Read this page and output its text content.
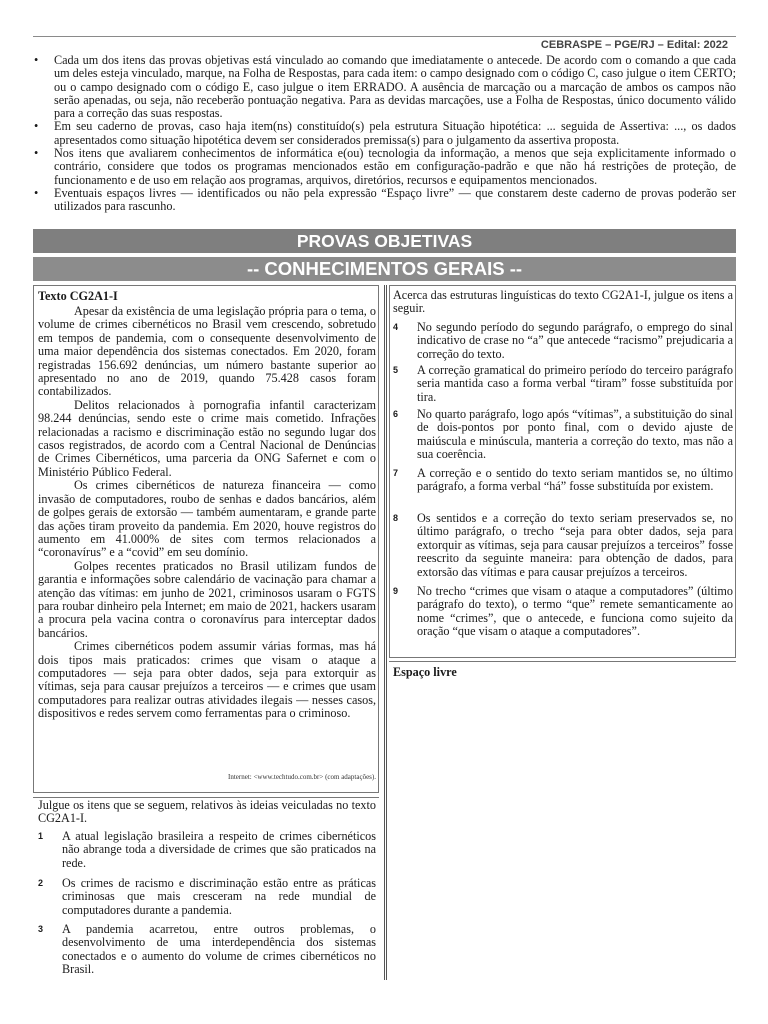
CEBRASPE – PGE/RJ – Edital: 2022
• Cada um dos itens das provas objetivas está vinculado ao comando que imediatamente o antecede. De acordo com o comando a que cada um deles esteja vinculado, marque, na Folha de Respostas, para cada item: o campo designado com o código C, caso julgue o item CERTO; ou o campo designado com o código E, caso julgue o item ERRADO. A ausência de marcação ou a marcação de ambos os campos não serão apenadas, ou seja, não receberão pontuação negativa. Para as devidas marcações, use a Folha de Respostas, único documento válido para a correção das suas respostas.
• Em seu caderno de provas, caso haja item(ns) constituído(s) pela estrutura Situação hipotética: ... seguida de Assertiva: ..., os dados apresentados como situação hipotética devem ser considerados premissa(s) para o julgamento da assertiva proposta.
• Nos itens que avaliarem conhecimentos de informática e(ou) tecnologia da informação, a menos que seja explicitamente informado o contrário, considere que todos os programas mencionados estão em configuração-padrão e que não há restrições de proteção, de funcionamento e de uso em relação aos programas, arquivos, diretórios, recursos e equipamentos mencionados.
• Eventuais espaços livres — identificados ou não pela expressão “Espaço livre” — que constarem deste caderno de provas poderão ser utilizados para rascunho.
PROVAS OBJETIVAS
-- CONHECIMENTOS GERAIS --
Texto CG2A1-I

Apesar da existência de uma legislação própria para o tema, o volume de crimes cibernéticos no Brasil vem crescendo, sobretudo em tempos de pandemia, com o consequente desenvolvimento de uma maior dependência dos sistemas conectados. Em 2020, foram registradas 156.692 denúncias, um número bastante superior ao apresentado no ano de 2019, quando 75.428 casos foram contabilizados.

Delitos relacionados à pornografia infantil caracterizam 98.244 denúncias, sendo este o crime mais cometido. Infrações relacionadas a racismo e discriminação estão no segundo lugar dos casos registrados, de acordo com a Central Nacional de Denúncias de Crimes Cibernéticos, uma parceria da ONG Safernet e com o Ministério Público Federal.

Os crimes cibernéticos de natureza financeira — como invasão de computadores, roubo de senhas e dados bancários, além de golpes gerais de extorsão — também aumentaram, e grande parte das ações tiram proveito da pandemia. Em 2020, houve registros do aumento em 41.000% de sites com termos relacionados a “coronavírus” e a “covid” em seu domínio.

Golpes recentes praticados no Brasil utilizam fundos de garantia e informações sobre calendário de vacinação para chamar a atenção das vítimas: em junho de 2021, criminosos usaram o FGTS para roubar dinheiro pela Internet; em maio de 2021, hackers usaram a procura pela vacina contra o coronavírus para interceptar dados bancários.

Crimes cibernéticos podem assumir várias formas, mas há dois tipos mais praticados: crimes que visam o ataque a computadores — seja para obter dados, seja para extorquir as vítimas, seja para causar prejuízos a terceiros — e crimes que usam computadores para realizar outras atividades ilegais — nesses casos, dispositivos e redes servem como ferramentas para o criminoso.

Internet: <www.techtudo.com.br> (com adaptações).
Julgue os itens que se seguem, relativos às ideias veiculadas no texto CG2A1-I.
1	A atual legislação brasileira a respeito de crimes cibernéticos não abrange toda a diversidade de crimes que são praticados na rede.
2	Os crimes de racismo e discriminação estão entre as práticas criminosas que mais cresceram na rede mundial de computadores durante a pandemia.
3	A pandemia acarretou, entre outros problemas, o desenvolvimento de uma interdependência dos sistemas conectados e o aumento do volume de crimes cibernéticos no Brasil.
Acerca das estruturas linguísticas do texto CG2A1-I, julgue os itens a seguir.
4	No segundo período do segundo parágrafo, o emprego do sinal indicativo de crase no “a” que antecede “racismo” prejudicaria a correção do texto.
5	A correção gramatical do primeiro período do terceiro parágrafo seria mantida caso a forma verbal “tiram” fosse substituída por tira.
6	No quarto parágrafo, logo após “vítimas”, a substituição do sinal de dois-pontos por ponto final, com o devido ajuste de maiúscula e minúscula, manteria a correção do texto, mas não a sua coerência.
7	A correção e o sentido do texto seriam mantidos se, no último parágrafo, a forma verbal “há” fosse substituída por existem.
8	Os sentidos e a correção do texto seriam preservados se, no último parágrafo, o trecho “seja para obter dados, seja para extorquir as vítimas, seja para causar prejuízos a terceiros” fosse reescrito da seguinte maneira: para obtenção de dados, para extorsão das vítimas e para causar prejuízos a terceiros.
9	No trecho “crimes que visam o ataque a computadores” (último parágrafo do texto), o termo “que” remete semanticamente ao nome “crimes”, que o antecede, e funciona como sujeito da oração “que visam o ataque a computadores”.
Espaço livre
